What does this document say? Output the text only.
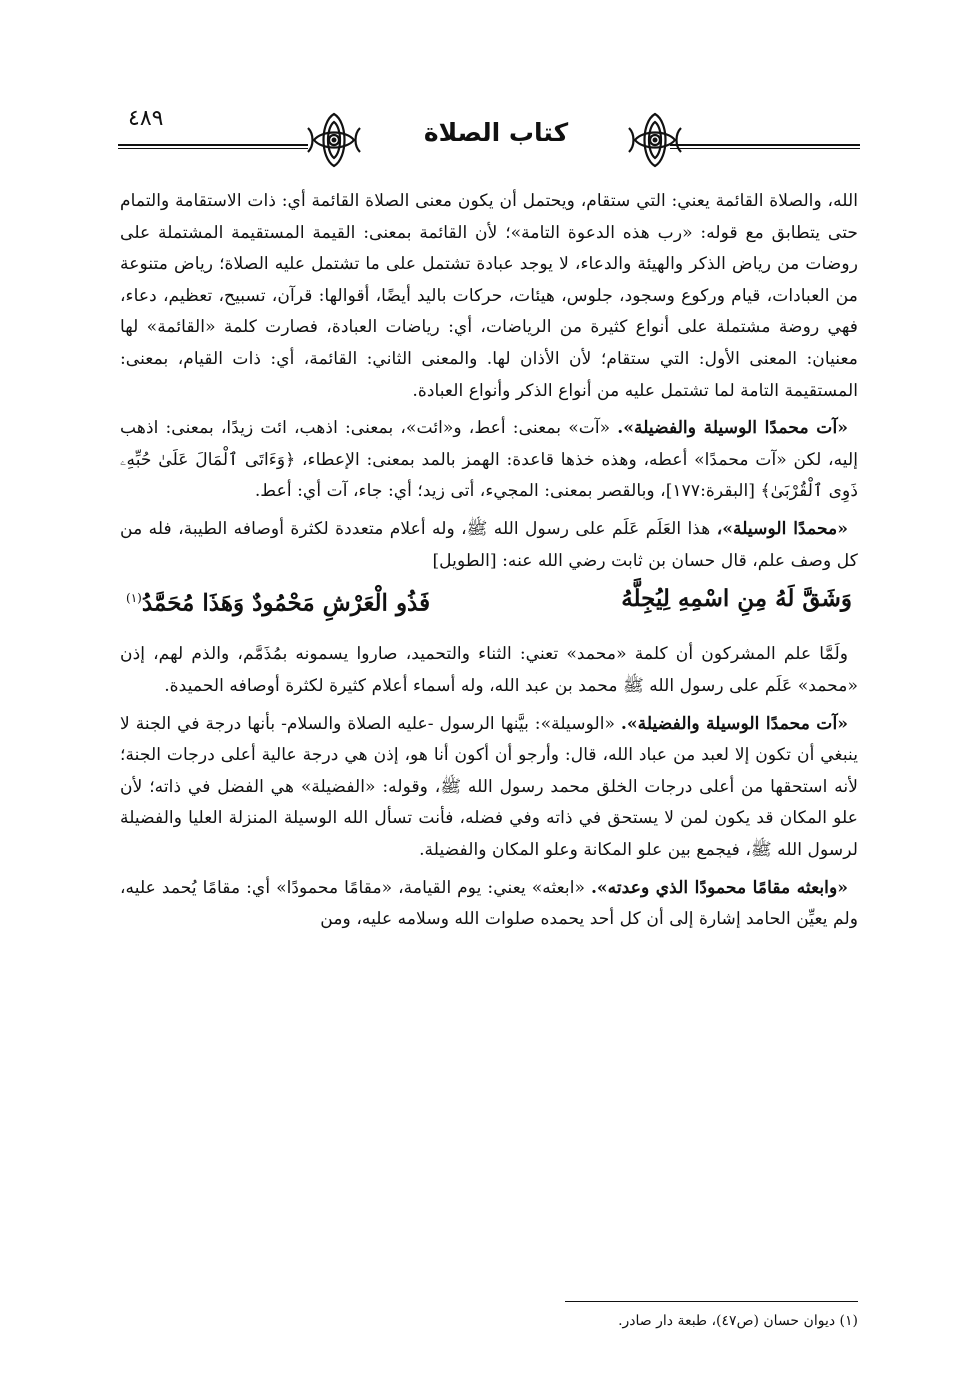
٤٨٩	كتاب الصلاة

الله، والصلاة القائمة يعني: التي ستقام، ويحتمل أن يكون معنى الصلاة القائمة أي: ذات الاستقامة والتمام حتى يتطابق مع قوله: «رب هذه الدعوة التامة»؛ لأن القائمة بمعنى: القيمة المستقيمة المشتملة على روضات من رياض الذكر والهيئة والدعاء، لا يوجد عبادة تشتمل على ما تشتمل عليه الصلاة؛ رياض متنوعة من العبادات، قيام وركوع وسجود، جلوس، هيئات، حركات باليد أيضًا، أقوالها: قرآن، تسبيح، تعظيم، دعاء، فهي روضة مشتملة على أنواع كثيرة من الرياضات، أي: رياضات العبادة، فصارت كلمة «القائمة» لها معنيان: المعنى الأول: التي ستقام؛ لأن الأذان لها. والمعنى الثاني: القائمة، أي: ذات القيام، بمعنى: المستقيمة التامة لما تشتمل عليه من أنواع الذكر وأنواع العبادة.

«آت محمدًا الوسيلة والفضيلة». «آت» بمعنى: أعط، و«ائت»، بمعنى: اذهب، ائت زيدًا، بمعنى: اذهب إليه، لكن «آت محمدًا» أعطه، وهذه خذها قاعدة: الهمز بالمد بمعنى: الإعطاء، ﴿وَءَاتَى ٱلْمَالَ عَلَىٰ حُبِّهِۦ ذَوِى ٱلْقُرْبَىٰ﴾ [البقرة:١٧٧]، وبالقصر بمعنى: المجيء، أتى زيد؛ أي: جاء، آت أي: أعط.

«محمدًا الوسيلة»، هذا العَلَم عَلَم على رسول الله ﷺ، وله أعلام متعددة لكثرة أوصافه الطيبة، فله من كل وصف علم، قال حسان بن ثابت رضي الله عنه: [الطويل]

وَشَقَّ لَهُ مِنِ اسْمِهِ لِيُجِلَّهُ
فَذُو الْعَرْشِ مَحْمُودٌ وَهَذَا مُحَمَّدُ$^{(١)}$

ولَمَّا علم المشركون أن كلمة «محمد» تعني: الثناء والتحميد، صاروا يسمونه بمُذَمَّم، والذم لهم، إذن «محمد» عَلَم على رسول الله ﷺ محمد بن عبد الله، وله أسماء أعلام كثيرة لكثرة أوصافه الحميدة.

«آت محمدًا الوسيلة والفضيلة». «الوسيلة»: بيَّنها الرسول -عليه الصلاة والسلام- بأنها درجة في الجنة لا ينبغي أن تكون إلا لعبد من عباد الله، قال: وأرجو أن أكون أنا هو، إذن هي درجة عالية أعلى درجات الجنة؛ لأنه استحقها من أعلى درجات الخلق محمد رسول الله ﷺ، وقوله: «الفضيلة» هي الفضل في ذاته؛ لأن علو المكان قد يكون لمن لا يستحق في ذاته وفي فضله، فأنت تسأل الله الوسيلة المنزلة العليا والفضيلة لرسول الله ﷺ، فيجمع بين علو المكانة وعلو المكان والفضيلة.

«وابعثه مقامًا محمودًا الذي وعدته». «ابعثه» يعني: يوم القيامة، «مقامًا محمودًا» أي: مقامًا يُحمد عليه، ولم يعيِّن الحامد إشارة إلى أن كل أحد يحمده صلوات الله وسلامه عليه، ومن

(١) ديوان حسان (ص٤٧)، طبعة دار صادر.
